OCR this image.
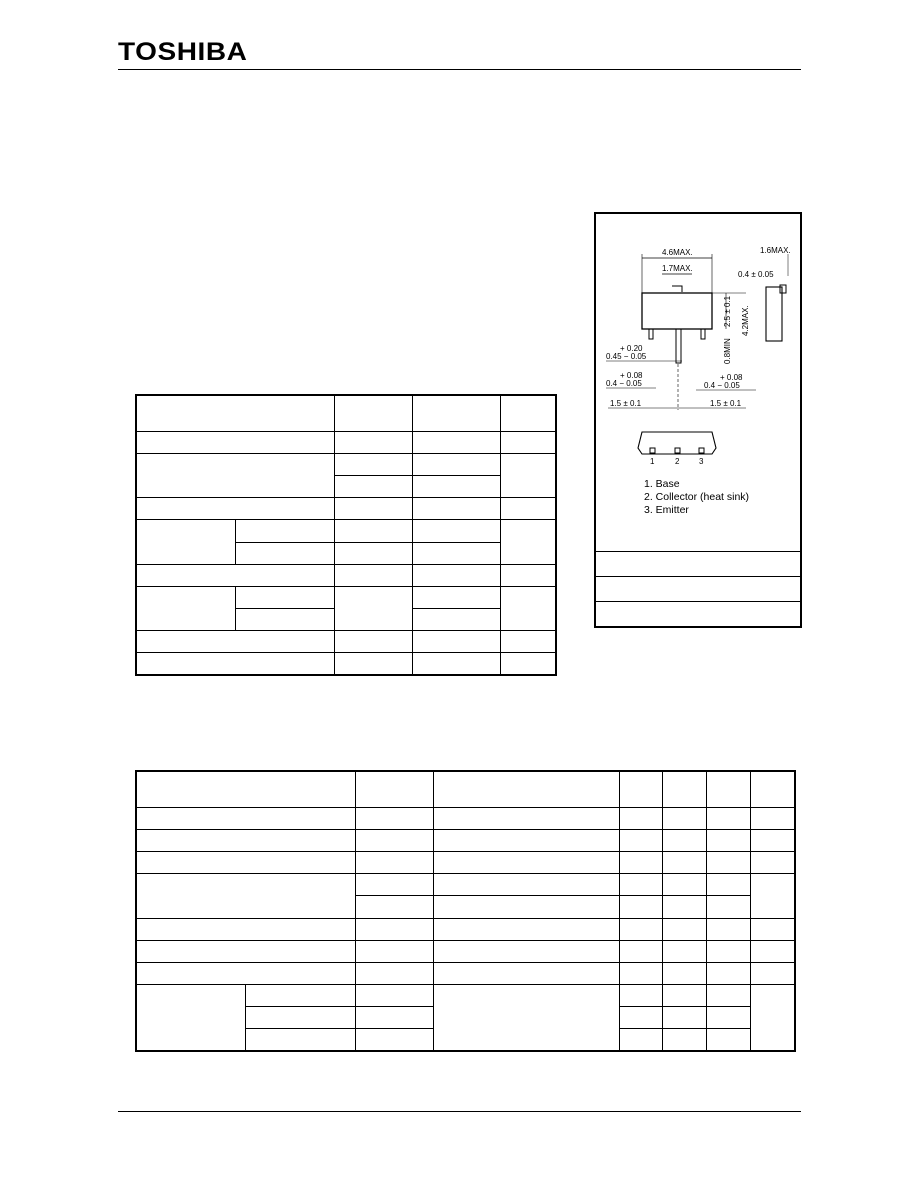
TOSHIBA
4.6MAX.
1.7MAX.
2.5 ± 0.1 4.2MAX.
0.8MIN
1.6MAX.
0.4 ± 0.05
+ 0.20
0.45 − 0.05
+ 0.08
0.4 − 0.05
+ 0.08
0.4 − 0.05
1.5 ± 0.1	1.5 ± 0.1
1	2 3
1. Base
2. Collector (heat sink)
3. Emitter
